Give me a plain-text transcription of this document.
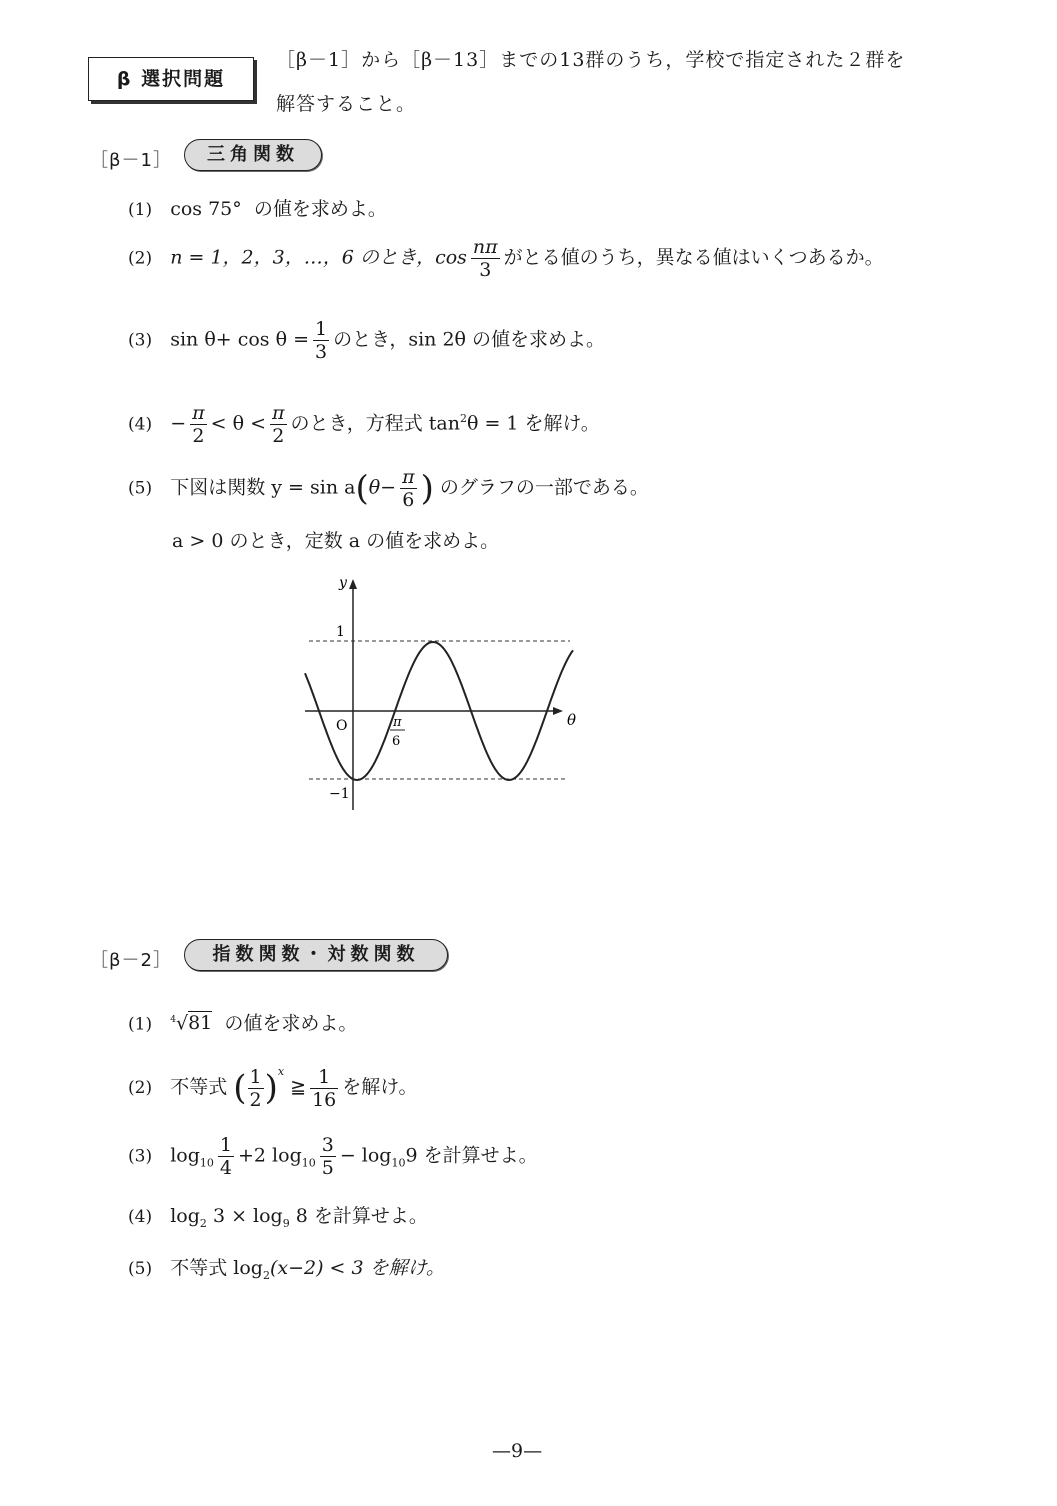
β 選択問題
［β－1］から［β－13］までの13群のうち，学校で指定された２群を
解答すること。
［β－1］	三角関数
(1) cos 75° の値を求めよ。
(2) n = 1，2，3，…，6 のとき，$\cos \frac{n\pi}{3}$ がとる値のうち，異なる値はいくつあるか。
(3) $\sin \theta+ \cos \theta = \frac{1}{3}$ のとき，sin 2θ の値を求めよ。
$(4) - \frac{\pi}{2} < \theta < \frac{\pi}{2}$ のとき，方程式 $\tan^2\theta = 1$ を解け。
(5) 下図は関数 $y = \sin a(\theta- \frac{\pi}{6}$ ) のグラフの一部である。
a > 0 のとき，定数 a の値を求めよ。
y
θ
O
1
−1
π
6
［β－2］	指数関数・対数関数
(1) $^4$√81 の値を求めよ。
(2) 不等式 ( $\frac{1}{2} )^x$ ≧ $\frac{1}{16}$ を解け。
(3) $\log_{10} \frac{1}{4} +2$ $\log_{10} \frac{3}{5} - \log_{10}9$ を計算せよ。
(4) $\log_2 3 \times \log_9 8$ を計算せよ。
(5) 不等式 $\log_2(x-2) < 3$ を解け。
—9—
